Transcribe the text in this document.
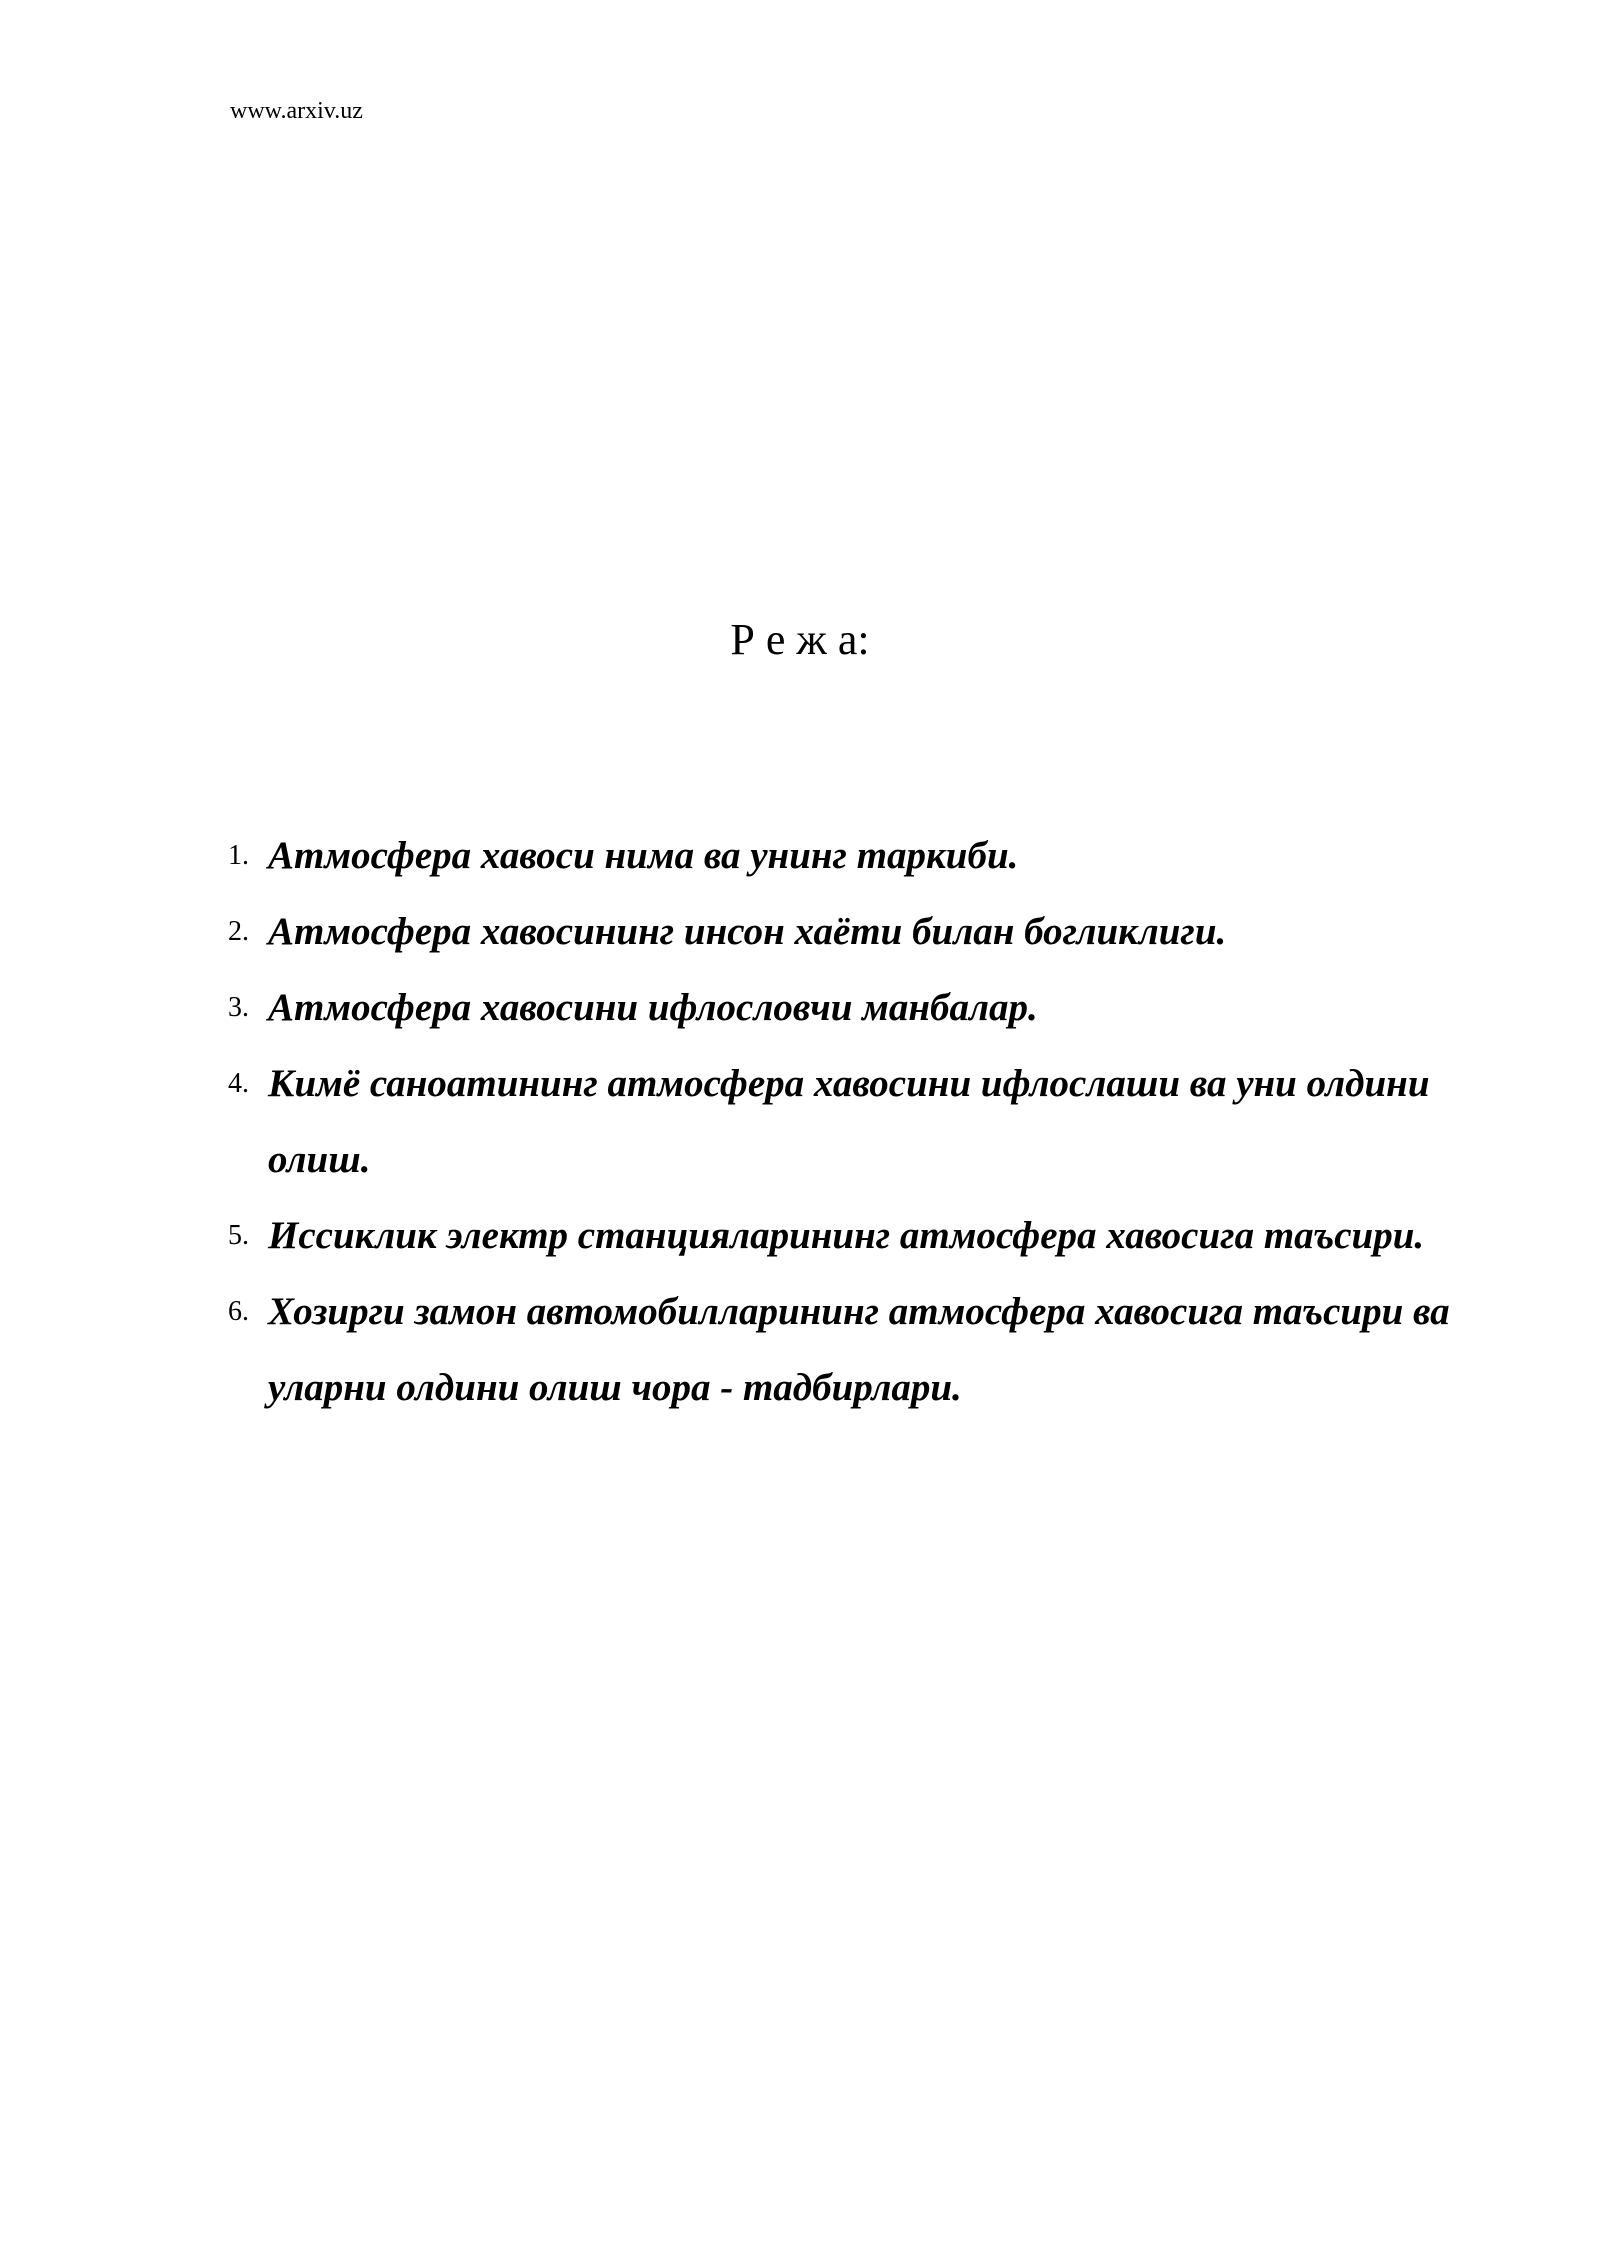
www.arxiv.uz
Р е ж а:
1. Атмосфера хавоси нима ва унинг таркиби.
2. Атмосфера хавосининг инсон хаёти билан богликлиги.
3. Атмосфера хавосини ифлословчи манбалар.
4. Кимё саноатининг атмосфера хавосини ифлослаши ва уни олдини олиш.
5. Иссиклик электр станцияларининг атмосфера хавосига таъсири.
6. Хозирги замон автомобилларининг атмосфера хавосига таъсири ва уларни олдини олиш чора - тадбирлари.
